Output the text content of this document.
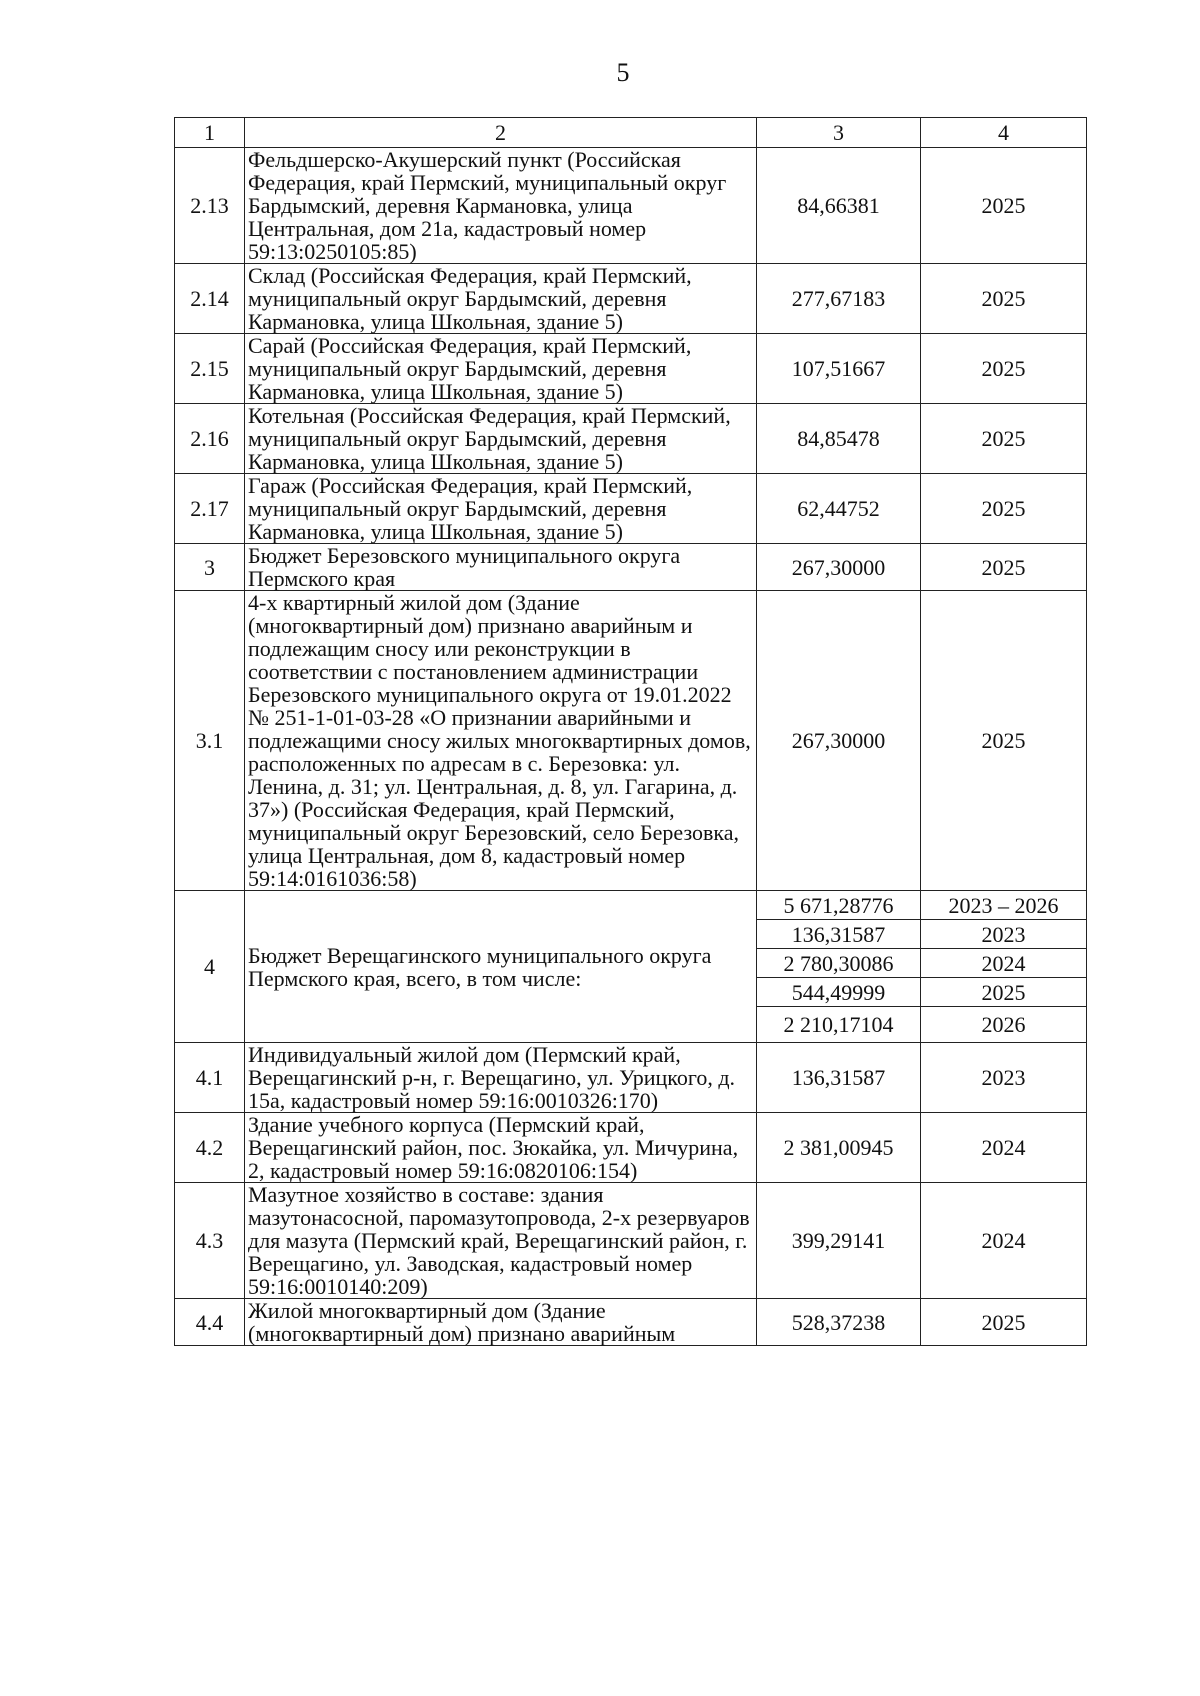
5
1	2	3	4
2.13	Фельдшерско-Акушерский пункт (Российская Федерация, край Пермский, муниципальный округ Бардымский, деревня Кармановка, улица Центральная, дом 21а, кадастровый номер 59:13:0250105:85)	84,66381	2025
2.14	Склад (Российская Федерация, край Пермский, муниципальный округ Бардымский, деревня Кармановка, улица Школьная, здание 5)	277,67183	2025
2.15	Сарай (Российская Федерация, край Пермский, муниципальный округ Бардымский, деревня Кармановка, улица Школьная, здание 5)	107,51667	2025
2.16	Котельная (Российская Федерация, край Пермский, муниципальный округ Бардымский, деревня Кармановка, улица Школьная, здание 5)	84,85478	2025
2.17	Гараж (Российская Федерация, край Пермский, муниципальный округ Бардымский, деревня Кармановка, улица Школьная, здание 5)	62,44752	2025
3	Бюджет Березовского муниципального округа Пермского края	267,30000	2025
3.1	4-х квартирный жилой дом (Здание (многоквартирный дом) признано аварийным и подлежащим сносу или реконструкции в соответствии с постановлением администрации Березовского муниципального округа от 19.01.2022 № 251-1-01-03-28 «О признании аварийными и подлежащими сносу жилых многоквартирных домов, расположенных по адресам в с. Березовка: ул. Ленина, д. 31; ул. Центральная, д. 8, ул. Гагарина, д. 37») (Российская Федерация, край Пермский, муниципальный округ Березовский, село Березовка, улица Центральная, дом 8, кадастровый номер 59:14:0161036:58)	267,30000	2025
4	Бюджет Верещагинского муниципального округа Пермского края, всего, в том числе:	5 671,28776	2023 – 2026
		136,31587	2023
		2 780,30086	2024
		544,49999	2025
		2 210,17104	2026
4.1	Индивидуальный жилой дом (Пермский край, Верещагинский р-н, г. Верещагино, ул. Урицкого, д. 15а, кадастровый номер 59:16:0010326:170)	136,31587	2023
4.2	Здание учебного корпуса (Пермский край, Верещагинский район, пос. Зюкайка, ул. Мичурина, 2, кадастровый номер 59:16:0820106:154)	2 381,00945	2024
4.3	Мазутное хозяйство в составе: здания мазутонасосной, паромазутопровода, 2-х резервуаров для мазута (Пермский край, Верещагинский район, г. Верещагино, ул. Заводская, кадастровый номер 59:16:0010140:209)	399,29141	2024
4.4	Жилой многоквартирный дом (Здание (многоквартирный дом) признано аварийным	528,37238	2025
